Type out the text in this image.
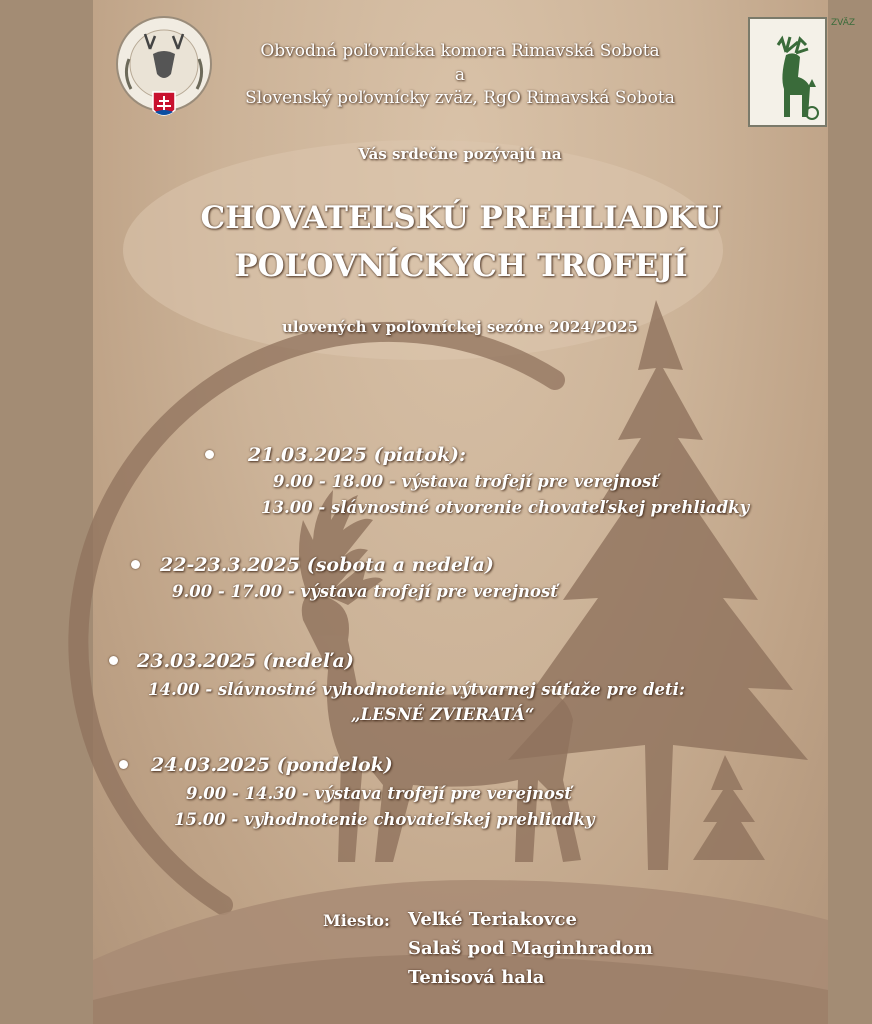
ZVÄZ
Obvodná poľovnícka komora Rimavská Sobota
a
Slovenský poľovnícky zväz, RgO Rimavská Sobota
Vás srdečne pozývajú na
CHOVATEĽSKÚ PREHLIADKU
POĽOVNÍCKYCH TROFEJÍ
ulovených v poľovníckej sezóne 2024/2025
21.03.2025 (piatok):
9.00 - 18.00 - výstava trofejí pre verejnosť
13.00 - slávnostné otvorenie chovateľskej prehliadky
22-23.3.2025 (sobota a nedeľa)
9.00 - 17.00 - výstava trofejí pre verejnosť
23.03.2025 (nedeľa)
14.00 - slávnostné vyhodnotenie výtvarnej súťaže pre deti:
„LESNÉ ZVIERATÁ“
24.03.2025 (pondelok)
9.00 - 14.30 - výstava trofejí pre verejnosť
15.00 - vyhodnotenie chovateľskej prehliadky
Miesto: Veľké Teriakovce
Salaš pod Maginhradom
Tenisová hala
